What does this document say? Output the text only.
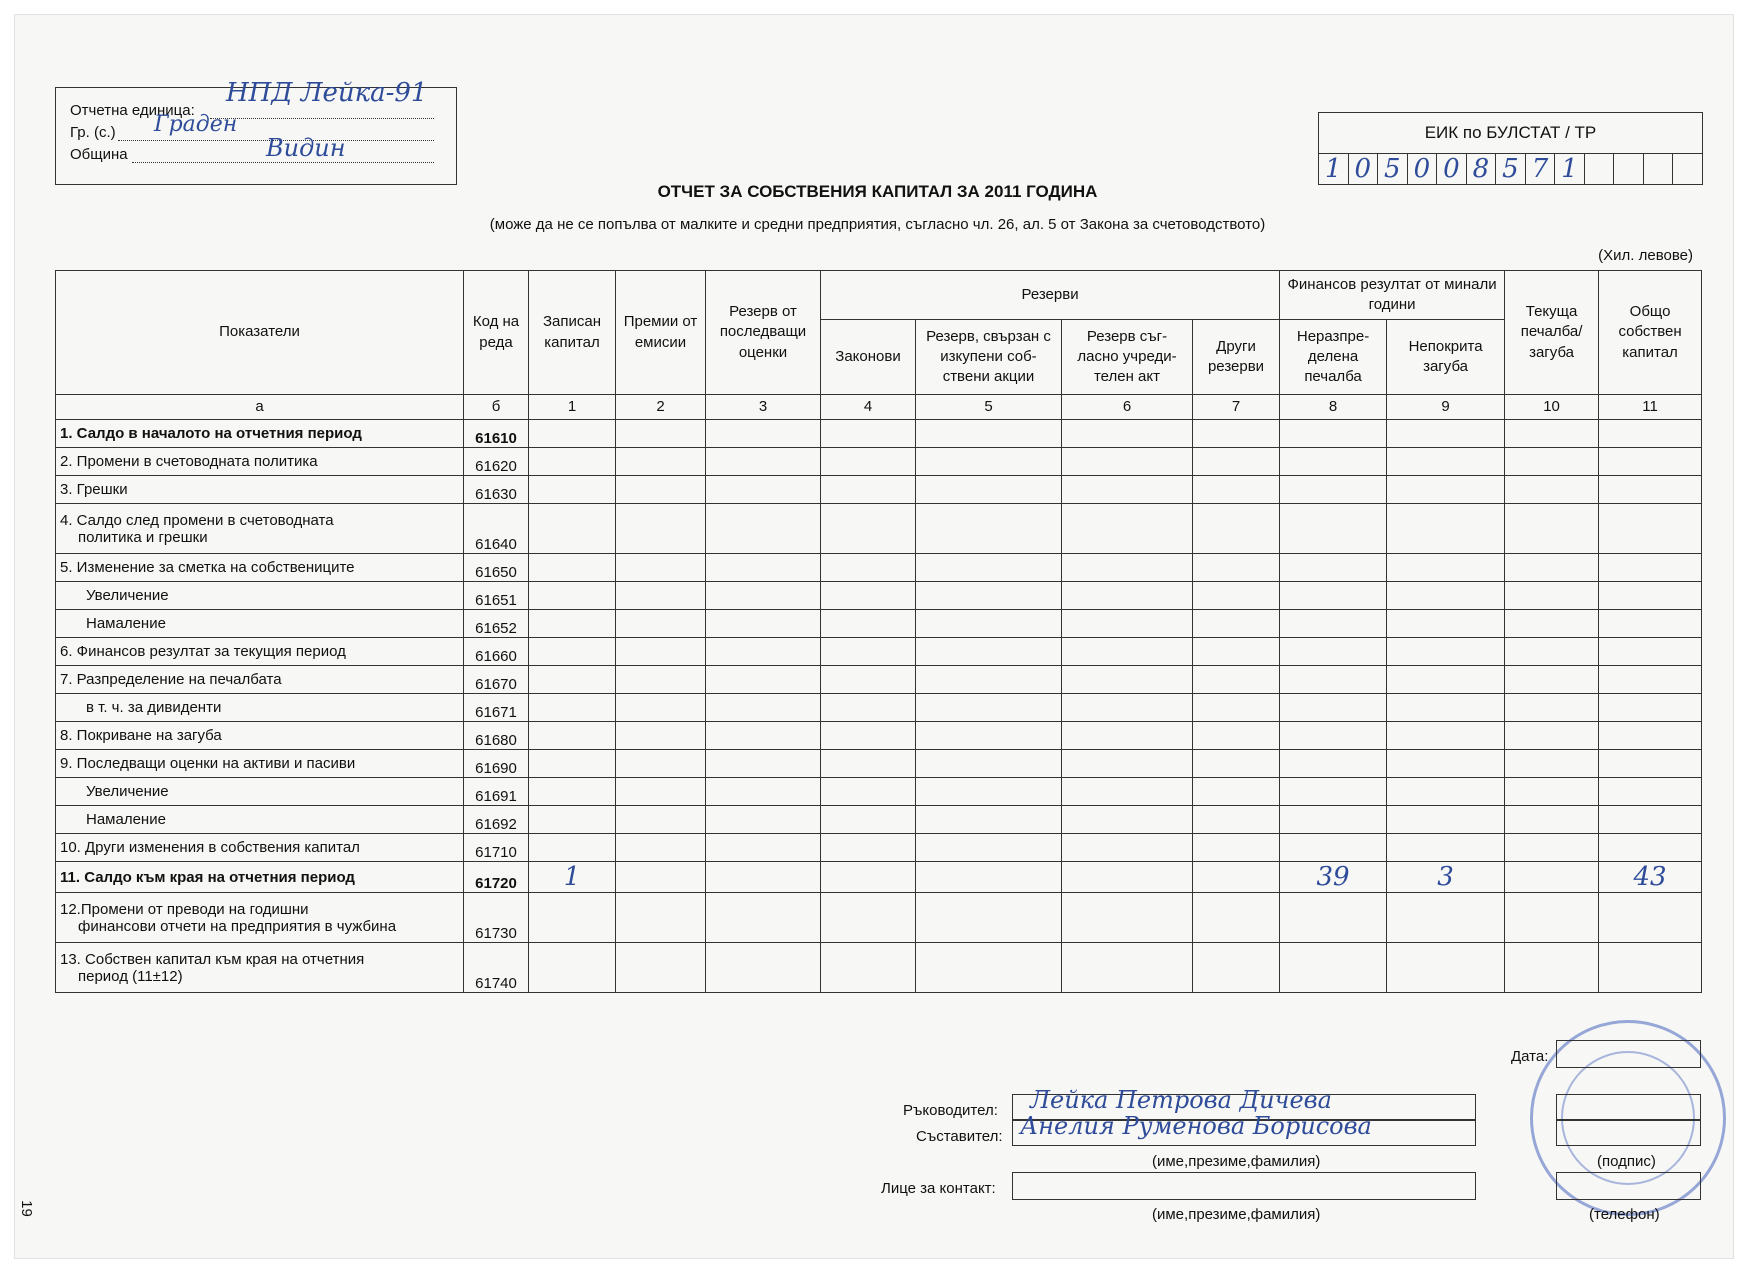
Отчетна единица:
НПД Лейка-91
Гр. (с.) Граден
Община	Видин
ЕИК по БУЛСТАТ / ТР
1 0 5 0 0 8 5 7 1
ОТЧЕТ ЗА СОБСТВЕНИЯ КАПИТАЛ ЗА 2011 ГОДИНА
(може да не се попълва от малките и средни предприятия, съгласно чл. 26, ал. 5 от Закона за счетоводството)
(Хил. левове)
Показатели	Код на реда	Записан капитал	Премии от емисии	Резерв от последващи оценки	Резерви				Финансов резултат от минали години		Текуща печалба/ загуба	Общо собствен капитал
					Законови	Резерв, свързан с изкупени соб- ствени акции	Резерв съг- ласно учреди- телен акт	Други резерви	Неразпре- делена печалба	Непокрита загуба		
а	б	1	2	3	4	5	6	7	8	9	10	11
1. Салдо в началото на отчетния период	61610											
2. Промени в счетоводната политика	61620											
3. Грешки	61630											

4. Салдо след промени в счетоводната
политика и грешки	61640											
5. Изменение за сметка на собствениците	61650											
Увеличение	61651											
Намаление	61652											
6. Финансов резултат за текущия период	61660											
7. Разпределение на печалбата	61670											
в т. ч. за дивиденти	61671											
8. Покриване на загуба	61680											
9. Последващи оценки на активи и пасиви	61690											
Увеличение	61691											
Намаление	61692											
10. Други изменения в собствения капитал	61710											
11. Салдо към края на отчетния период	61720	1							39	3		43

12.Промени от преводи на годишни
финансови отчети на предприятия в чужбина	61730											

13. Собствен капитал към края на отчетния
период (11±12)	61740											
Дата:
Ръководител: Лейка Петрова Дичева
Съставител: Анелия Руменова Борисова
(име,презиме,фамилия)	(подпис)
Лице за контакт:
(име,презиме,фамилия)	(телефон)
19
